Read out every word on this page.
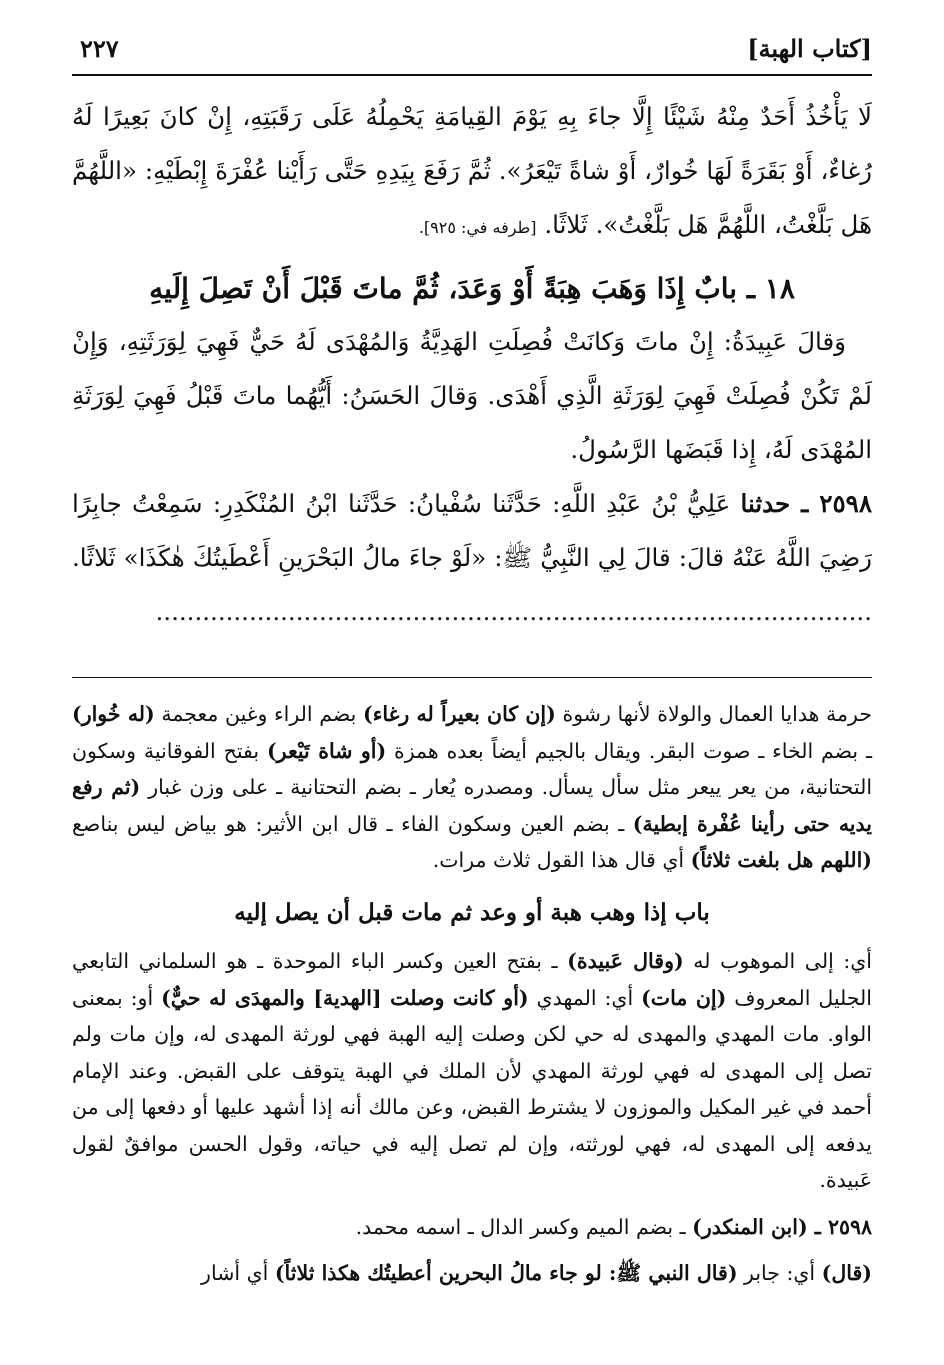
[كتاب الهبة]
٢٢٧

لَا يَأْخُذُ أَحَدٌ مِنْهُ شَيْئًا إِلَّا جاءَ بِهِ يَوْمَ القِيامَةِ يَحْمِلُهُ عَلَى رَقَبَتِهِ، إِنْ كانَ بَعِيرًا لَهُ رُغاءٌ، أَوْ بَقَرَةً لَهَا خُوارٌ، أَوْ شاةً تَيْعَرُ». ثُمَّ رَفَعَ بِيَدِهِ حَتَّى رَأَيْنا عُفْرَةَ إِبْطَيْهِ: «اللَّهُمَّ هَل بَلَّغْتُ، اللَّهُمَّ هَل بَلَّغْتُ». ثَلاثًا. [طرفه في: ٩٢٥].

١٨ ـ بابٌ إِذَا وَهَبَ هِبَةً أَوْ وَعَدَ، ثُمَّ ماتَ قَبْلَ أَنْ تَصِلَ إِلَيهِ

وَقالَ عَبِيدَةُ: إِنْ ماتَ وَكانَتْ فُصِلَتِ الهَدِيَّةُ وَالمُهْدَى لَهُ حَيٌّ فَهِيَ لِوَرَثَتِهِ، وَإِنْ لَمْ تَكُنْ فُصِلَتْ فَهِيَ لِوَرَثَةِ الَّذِي أَهْدَى. وَقالَ الحَسَنُ: أَيُّهُما ماتَ قَبْلُ فَهِيَ لِوَرَثَةِ المُهْدَى لَهُ، إِذا قَبَضَها الرَّسُولُ.

٢٥٩٨ ـ حدثنا عَلِيُّ بْنُ عَبْدِ اللَّهِ: حَدَّثَنا سُفْيانُ: حَدَّثَنا ابْنُ المُنْكَدِرِ: سَمِعْتُ جابِرًا رَضِيَ اللَّهُ عَنْهُ قالَ: قالَ لِي النَّبِيُّ ﷺ: «لَوْ جاءَ مالُ البَحْرَينِ أَعْطَيتُكَ هٰكَذَا» ثَلاثًا. ............................................................................................

حرمة هدايا العمال والولاة لأنها رشوة (إن كان بعيراً له رغاء) بضم الراء وغين معجمة (له خُوار) ـ بضم الخاء ـ صوت البقر. ويقال بالجيم أيضاً بعده همزة (أو شاة تَيْعر) بفتح الفوقانية وسكون التحتانية، من يعر ييعر مثل سأل يسأل. ومصدره يُعار ـ بضم التحتانية ـ على وزن غبار (ثم رفع يديه حتى رأينا عُفْرة إبطية) ـ بضم العين وسكون الفاء ـ قال ابن الأثير: هو بياض ليس بناصع (اللهم هل بلغت ثلاثاً) أي قال هذا القول ثلاث مرات.

باب إذا وهب هبة أو وعد ثم مات قبل أن يصل إليه

أي: إلى الموهوب له (وقال عَبيدة) ـ بفتح العين وكسر الباء الموحدة ـ هو السلماني التابعي الجليل المعروف (إن مات) أي: المهدي (أو كانت وصلت [الهدية] والمهدَى له حيٌّ) أو: بمعنى الواو. مات المهدي والمهدى له حي لكن وصلت إليه الهبة فهي لورثة المهدى له، وإن مات ولم تصل إلى المهدى له فهي لورثة المهدي لأن الملك في الهبة يتوقف على القبض. وعند الإمام أحمد في غير المكيل والموزون لا يشترط القبض، وعن مالك أنه إذا أشهد عليها أو دفعها إلى من يدفعه إلى المهدى له، فهي لورثته، وإن لم تصل إليه في حياته، وقول الحسن موافقٌ لقول عَبيدة.

٢٥٩٨ ـ (ابن المنكدر) ـ بضم الميم وكسر الدال ـ اسمه محمد.

(قال) أي: جابر (قال النبي ﷺ: لو جاء مالُ البحرين أعطيتُك هكذا ثلاثاً) أي أشار
